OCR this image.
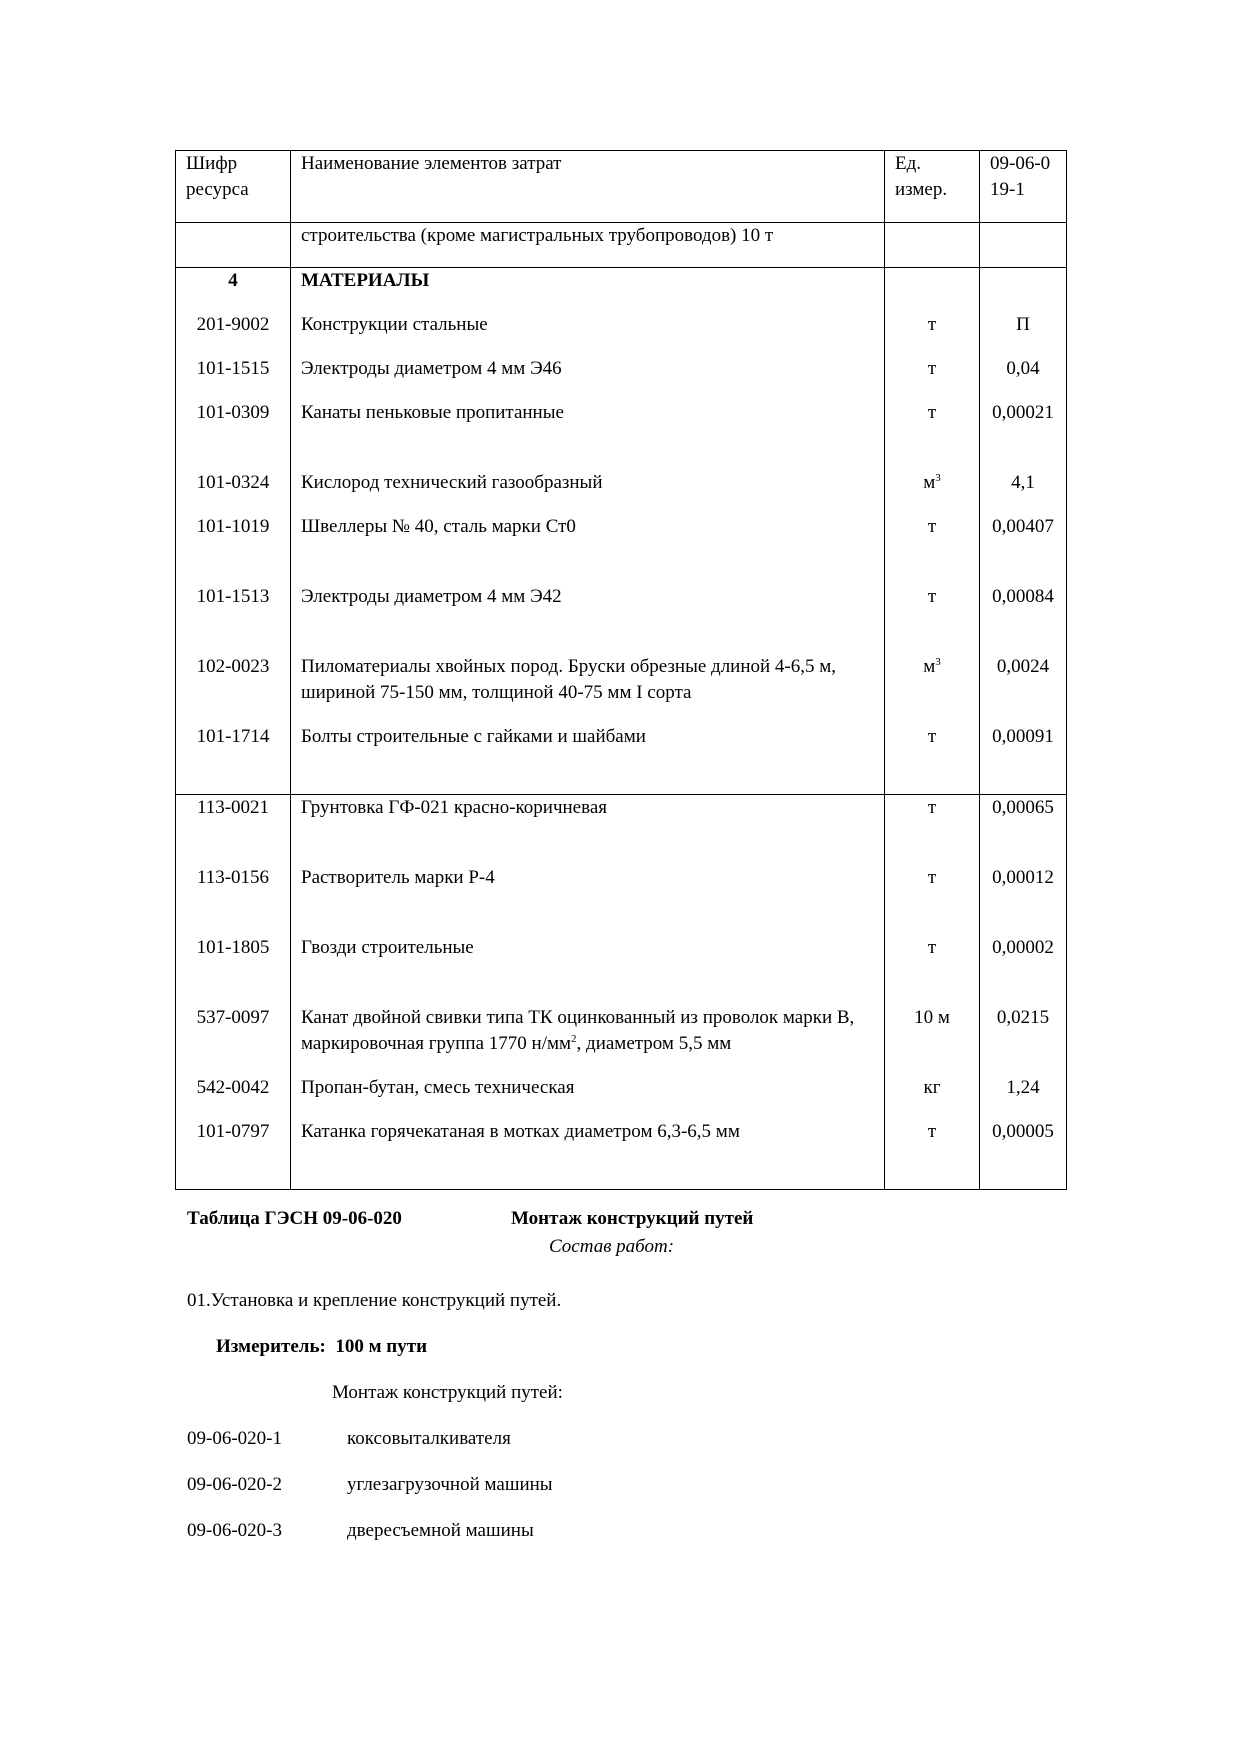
Шифр ресурса	Наименование элементов затрат	Ед. измер.	09-06-019-1
	строительства (кроме магистральных трубопроводов) 10 т		
4	МАТЕРИАЛЫ		
201-9002	Конструкции стальные	т	П
101-1515	Электроды диаметром 4 мм Э46	т	0,04
101-0309	Канаты пеньковые пропитанные	т	0,00021
101-0324	Кислород технический газообразный	$м^3$	4,1
101-1019	Швеллеры № 40, сталь марки Ст0	т	0,00407
101-1513	Электроды диаметром 4 мм Э42	т	0,00084
102-0023	Пиломатериалы хвойных пород. Бруски обрезные длиной 4-6,5 м, шириной 75-150 мм, толщиной 40-75 мм I сорта	$м^3$	0,0024
101-1714	Болты строительные с гайками и шайбами	т	0,00091
113-0021	Грунтовка ГФ-021 красно-коричневая	т	0,00065
113-0156	Растворитель марки Р-4	т	0,00012
101-1805	Гвозди строительные	т	0,00002
537-0097	Канат двойной свивки типа ТК оцинкованный из проволок марки В, маркировочная группа 1770 $н/мм^2$, диаметром 5,5 мм	10 м	0,0215
542-0042	Пропан-бутан, смесь техническая	кг	1,24
101-0797	Катанка горячекатаная в мотках диаметром 6,3-6,5 мм	т	0,00005
Таблица ГЭСН 09-06-020	Монтаж конструкций путей
Состав работ:
01.Установка и крепление конструкций путей.
Измеритель: 100 м пути
Монтаж конструкций путей:
09-06-020-1	коксовыталкивателя
09-06-020-2	углезагрузочной машины
09-06-020-3	двересъемной машины
